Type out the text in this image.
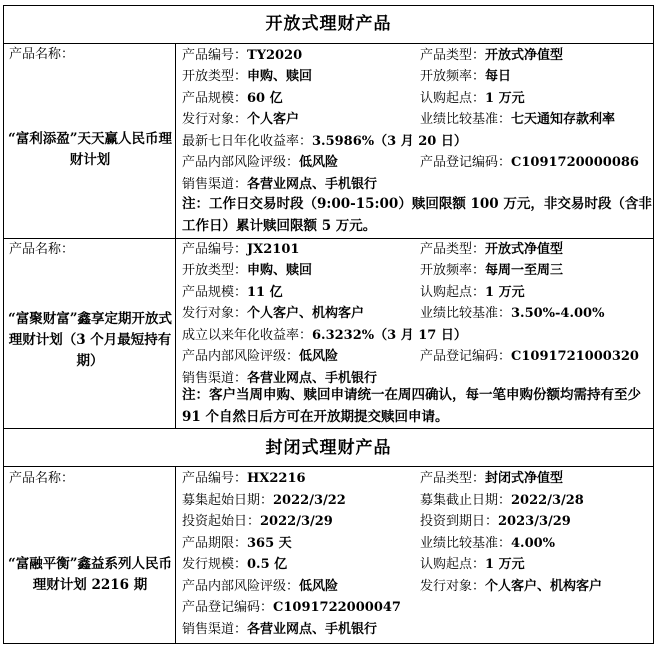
开放式理财产品
产品名称：
“富利添盈”天天赢人民币理财计划
产品编号：TY2020	产品类型：开放式净值型
开放类型：申购、赎回	开放频率：每日
产品规模：60 亿	认购起点：1 万元
发行对象：个人客户	业绩比较基准：七天通知存款利率
最新七日年化收益率：3.5986%（3 月 20 日）
产品内部风险评级：低风险	产品登记编码：C1091720000086
销售渠道：各营业网点、手机银行
注：工作日交易时段（9:00-15:00）赎回限额 100 万元，非交易时段（含非工作日）累计赎回限额 5 万元。
产品名称：
“富聚财富”鑫享定期开放式理财计划（3 个月最短持有期）
产品编号：JX2101	产品类型：开放式净值型
开放类型：申购、赎回	开放频率：每周一至周三
产品规模：11 亿	认购起点：1 万元
发行对象：个人客户、机构客户	业绩比较基准：3.50%-4.00%
成立以来年化收益率：6.3232%（3 月 17 日）
产品内部风险评级：低风险	产品登记编码：C1091721000320
销售渠道：各营业网点、手机银行
注：客户当周申购、赎回申请统一在周四确认，每一笔申购份额均需持有至少 91 个自然日后方可在开放期提交赎回申请。
封闭式理财产品
产品名称：
“富融平衡”鑫益系列人民币理财计划 2216 期
产品编号：HX2216	产品类型：封闭式净值型
募集起始日期：2022/3/22	募集截止日期：2022/3/28
投资起始日：2022/3/29	投资到期日：2023/3/29
产品期限：365 天	业绩比较基准：4.00%
发行规模：0.5 亿	认购起点：1 万元
产品内部风险评级：低风险	发行对象：个人客户、机构客户
产品登记编码：C1091722000047
销售渠道：各营业网点、手机银行
